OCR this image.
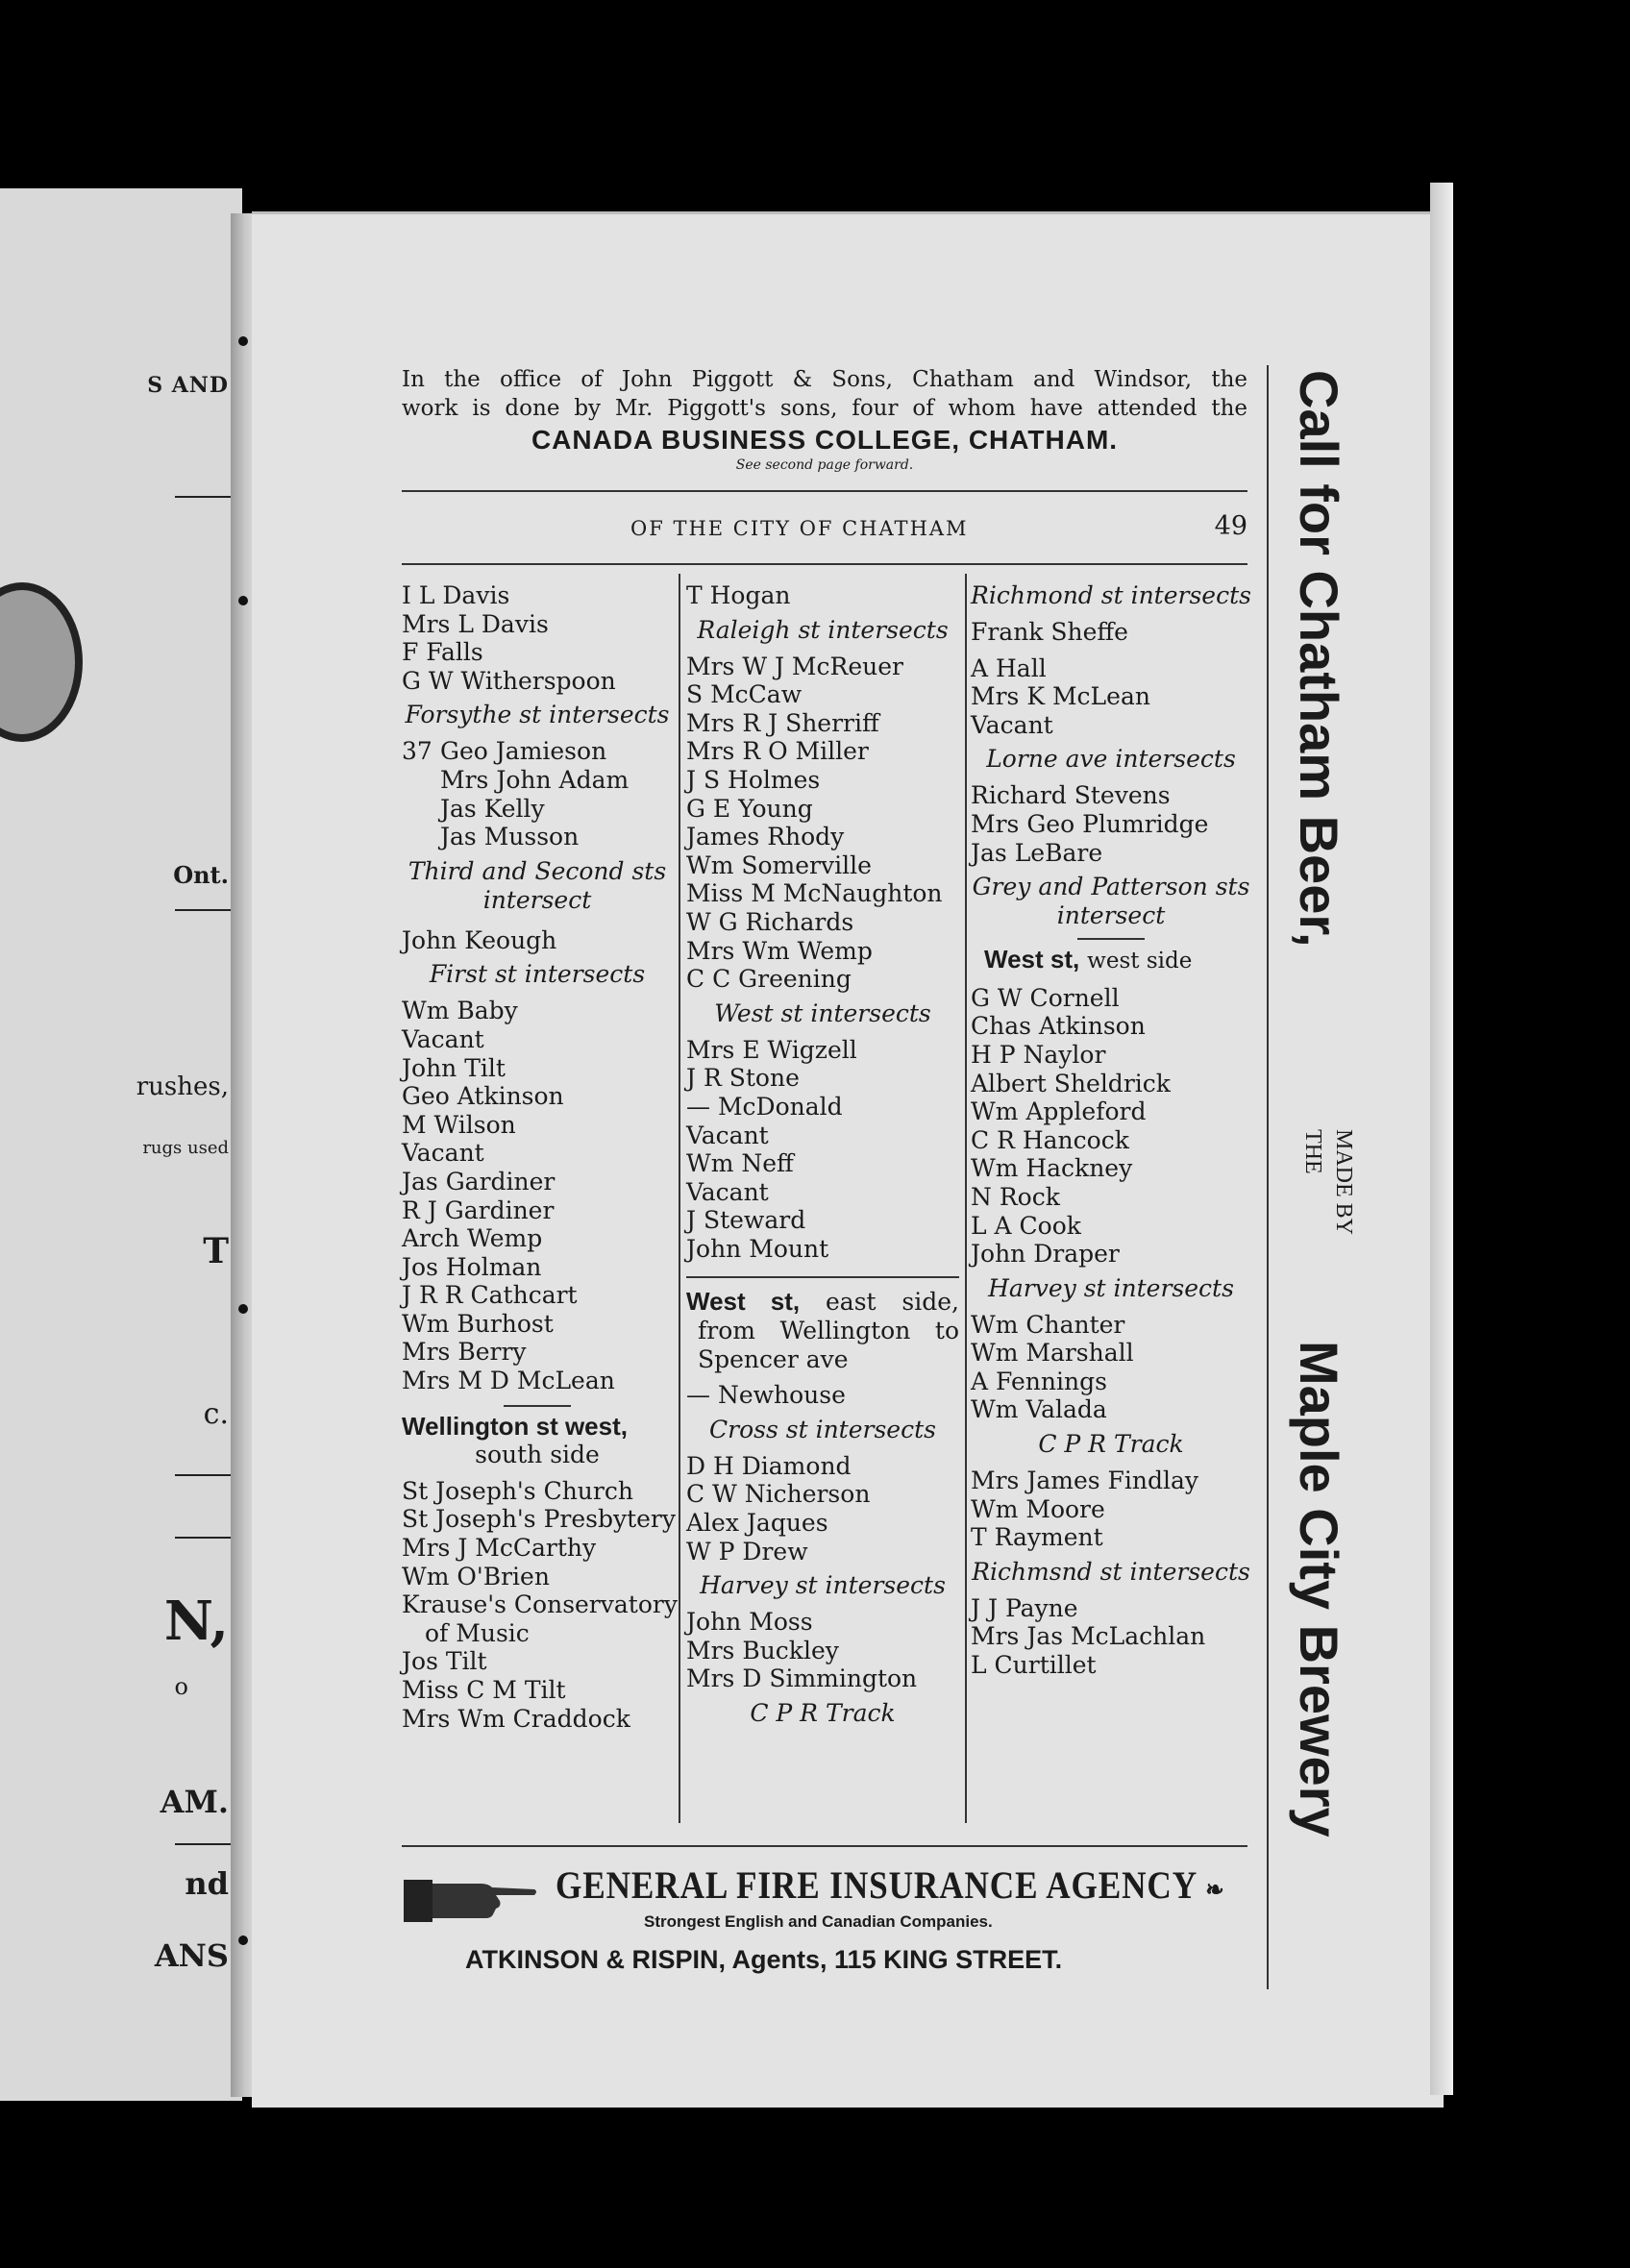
S AND
Ont.
rushes,
rugs used
T
c.
N,
o
AM.
nd
ANS
In the office of John Piggott & Sons, Chatham and Windsor, the
work is done by Mr. Piggott's sons, four of whom have attended the
CANADA BUSINESS COLLEGE, CHATHAM.
See second page forward.
OF THE CITY OF CHATHAM	49
I L Davis
Mrs L Davis
F Falls
G W Witherspoon
Forsythe st intersects
37 Geo Jamieson
Mrs John Adam
Jas Kelly
Jas Musson
Third and Second sts
intersect
John Keough
First st intersects
Wm Baby
Vacant
John Tilt
Geo Atkinson
M Wilson
Vacant
Jas Gardiner
R J Gardiner
Arch Wemp
Jos Holman
J R R Cathcart
Wm Burhost
Mrs Berry
Mrs M D McLean
Wellington st west,
south side
St Joseph's Church
St Joseph's Presbytery
Mrs J McCarthy
Wm O'Brien
Krause's Conservatory
of Music
Jos Tilt
Miss C M Tilt
Mrs Wm Craddock
T Hogan
Raleigh st intersects
Mrs W J McReuer
S McCaw
Mrs R J Sherriff
Mrs R O Miller
J S Holmes
G E Young
James Rhody
Wm Somerville
Miss M McNaughton
W G Richards
Mrs Wm Wemp
C C Greening
West st intersects
Mrs E Wigzell
J R Stone
— McDonald
Vacant
Wm Neff
Vacant
J Steward
John Mount
West st, east side,
from Wellington to
Spencer ave
— Newhouse
Cross st intersects
D H Diamond
C W Nicherson
Alex Jaques
W P Drew
Harvey st intersects
John Moss
Mrs Buckley
Mrs D Simmington
C P R Track
Richmond st intersects
Frank Sheffe
A Hall
Mrs K McLean
Vacant
Lorne ave intersects
Richard Stevens
Mrs Geo Plumridge
Jas LeBare
Grey and Patterson sts
intersect
West st, west side
G W Cornell
Chas Atkinson
H P Naylor
Albert Sheldrick
Wm Appleford
C R Hancock
Wm Hackney
N Rock
L A Cook
John Draper
Harvey st intersects
Wm Chanter
Wm Marshall
A Fennings
Wm Valada
C P R Track
Mrs James Findlay
Wm Moore
T Rayment
Richmsnd st intersects
J J Payne
Mrs Jas McLachlan
L Curtillet
GENERAL FIRE INSURANCE AGENCY ❧
Strongest English and Canadian Companies.
ATKINSON & RISPIN, Agents, 115 KING STREET.
Call for Chatham Beer,
MADE BY
THE
Maple City Brewery
